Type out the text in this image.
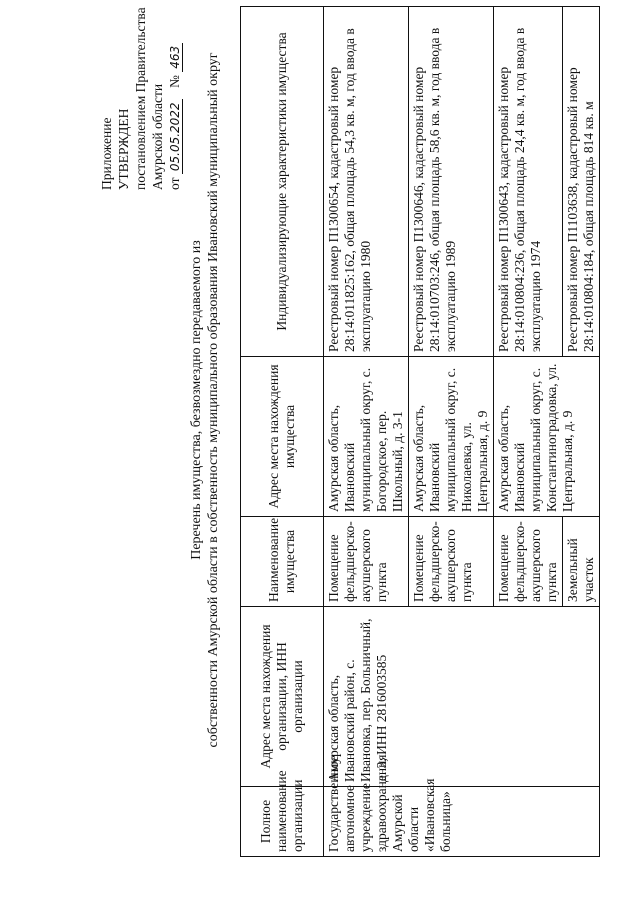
Приложение УТВЕРЖДЕН постановлением Правительства Амурской области от 05.05.2022 № 463
Перечень имущества, безвозмездно передаваемого из собственности Амурской области в собственность муниципального образования Ивановский муниципальный округ
Полное наименование организации	Адрес места нахождения организации, ИНН организации	Наименование имущества	Адрес места нахождения имущества	Индивидуализирующие характеристики имущества
Государственное автономное учреждение здравоохранения Амурской области «Ивановская больница»	Амурская область, Ивановский район, с. Ивановка, пер. Больничный, д. 3, ИНН 2816003585	Помещение фельдшерско-акушерского пункта	Амурская область, Ивановский муниципальный округ, с. Богородское, пер. Школьный, д. 3-1	Реестровый номер П1300654, кадастровый номер 28:14:011825:162, общая площадь 54,3 кв. м, год ввода в эксплуатацию 1980
		Помещение фельдшерско-акушерского пункта	Амурская область, Ивановский муниципальный округ, с. Николаевка, ул. Центральная, д. 9	Реестровый номер П1300646, кадастровый номер 28:14:010703:246, общая площадь 58,6 кв. м, год ввода в эксплуатацию 1989
		Помещение фельдшерско-акушерского пункта	Амурская область, Ивановский муниципальный округ, с. Константиноградовка, ул. Центральная, д. 9	Реестровый номер П1300643, кадастровый номер 28:14:010804:236, общая площадь 24,4 кв. м, год ввода в эксплуатацию 1974
		Земельный участок		Реестровый номер П1103638, кадастровый номер 28:14:010804:184, общая площадь 814 кв. м
